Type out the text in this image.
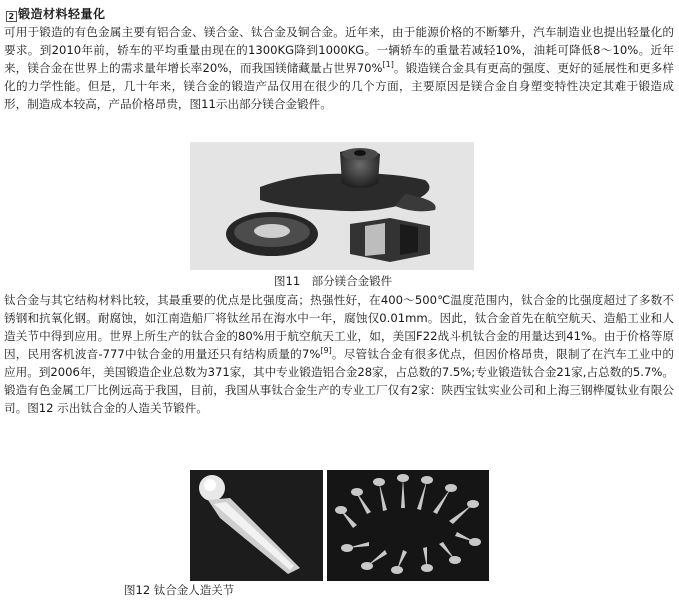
2 锻造材料轻量化

可用于锻造的有色金属主要有铝合金、镁合金、钛合金及铜合金。近年来，由于能源价格的不断攀升，汽车制造业也提出轻量化的要求。到2010年前，轿车的平均重量由现在的1300KG降到1000KG。一辆轿车的重量若减轻10%，油耗可降低8～10%。近年来，镁合金在世界上的需求量年增长率20%，而我国镁储藏量占世界70%[1]。锻造镁合金具有更高的强度、更好的延展性和更多样化的力学性能。但是，几十年来，镁合金的锻造产品仅用在很少的几个方面，主要原因是镁合金自身塑变特性决定其难于锻造成形，制造成本较高，产品价格昂贵，图11示出部分镁合金锻件。

图11　部分镁合金锻件

钛合金与其它结构材料比较，其最重要的优点是比强度高；热强性好，在400～500℃温度范围内，钛合金的比强度超过了多数不锈钢和抗氧化钢。耐腐蚀，如江南造船厂将钛丝吊在海水中一年，腐蚀仅0.01mm。因此，钛合金首先在航空航天、造船工业和人造关节中得到应用。世界上所生产的钛合金的80%用于航空航天工业，如，美国F22战斗机钛合金的用量达到41%。由于价格等原因，民用客机波音-777中钛合金的用量还只有结构质量的7%[9]。尽管钛合金有很多优点，但因价格昂贵，限制了在汽车工业中的应用。到2006年，美国锻造企业总数为371家，其中专业锻造铝合金28家，占总数的7.5%;专业锻造钛合金21家,占总数的5.7%。锻造有色金属工厂比例远高于我国，目前，我国从事钛合金生产的专业工厂仅有2家：陕西宝钛实业公司和上海三钢桦厦钛业有限公司。图12 示出钛合金的人造关节锻件。

图12 钛合金人造关节
